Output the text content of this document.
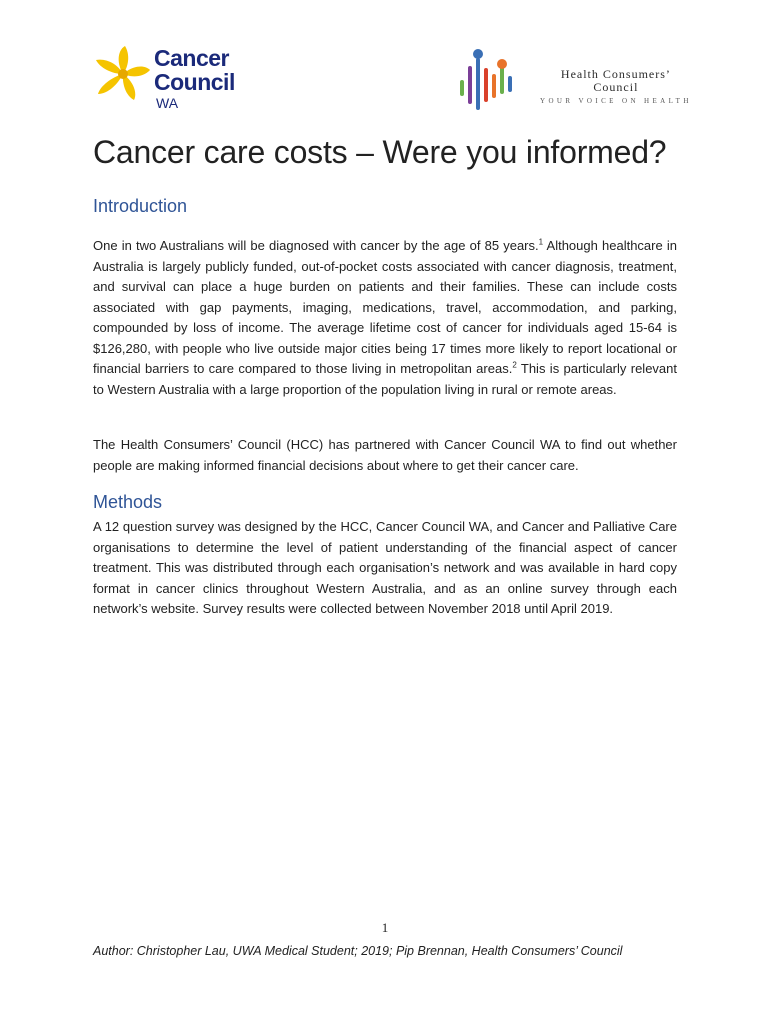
Cancer
Council
WA
Health Consumers’
Council
YOUR VOICE ON HEALTH
Cancer care costs – Were you informed?
Introduction

One in two Australians will be diagnosed with cancer by the age of 85 years.$^1$ Although healthcare in Australia is largely publicly funded, out-of-pocket costs associated with cancer diagnosis, treatment, and survival can place a huge burden on patients and their families. These can include costs associated with gap payments, imaging, medications, travel, accommodation, and parking, compounded by loss of income. The average lifetime cost of cancer for individuals aged 15-64 is $126,280, with people who live outside major cities being 17 times more likely to report locational or financial barriers to care compared to those living in metropolitan areas.$^2$ This is particularly relevant to Western Australia with a large proportion of the population living in rural or remote areas.

The Health Consumers’ Council (HCC) has partnered with Cancer Council WA to find out whether people are making informed financial decisions about where to get their cancer care.

Methods

A 12 question survey was designed by the HCC, Cancer Council WA, and Cancer and Palliative Care organisations to determine the level of patient understanding of the financial aspect of cancer treatment. This was distributed through each organisation’s network and was available in hard copy format in cancer clinics throughout Western Australia, and as an online survey through each network’s website. Survey results were collected between November 2018 until April 2019.

1
Author: Christopher Lau, UWA Medical Student; 2019; Pip Brennan, Health Consumers’ Council
